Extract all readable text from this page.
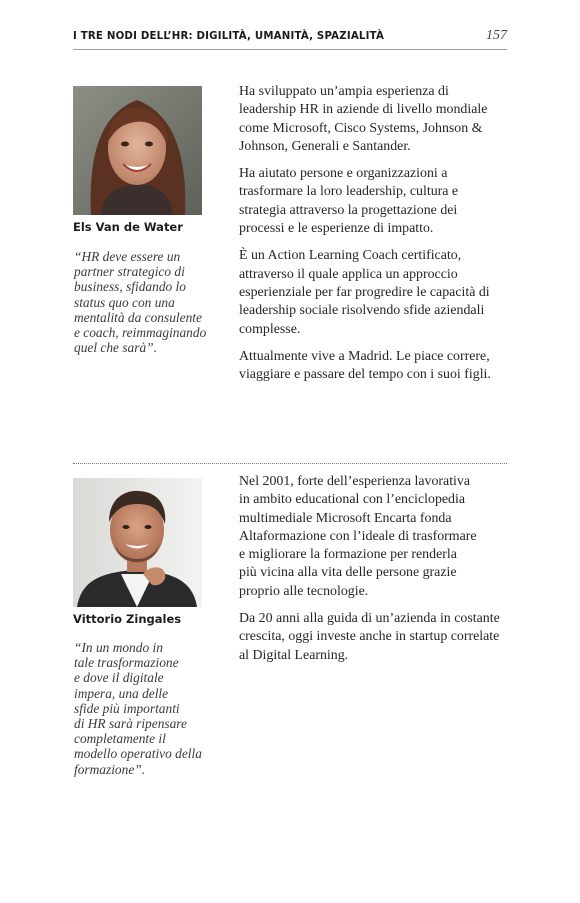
I TRE NODI DELL’HR: DIGILITÀ, UMANITÀ, SPAZIALITÀ	157
Els Van de Water

“HR deve essere un
partner strategico di
business, sfidando lo
status quo con una
mentalità da consulente
e coach, reimmaginando
quel che sarà”.

Ha sviluppato un’ampia esperienza di
leadership HR in aziende di livello mondiale
come Microsoft, Cisco Systems, Johnson &
Johnson, Generali e Santander.

Ha aiutato persone e organizzazioni a
trasformare la loro leadership, cultura e
strategia attraverso la progettazione dei
processi e le esperienze di impatto.

È un Action Learning Coach certificato,
attraverso il quale applica un approccio
esperienziale per far progredire le capacità di
leadership sociale risolvendo sfide aziendali
complesse.

Attualmente vive a Madrid. Le piace correre,
viaggiare e passare del tempo con i suoi figli.

Vittorio Zingales

“In un mondo in
tale trasformazione
e dove il digitale
impera, una delle
sfide più importanti
di HR sarà ripensare
completamente il
modello operativo della
formazione”.

Nel 2001, forte dell’esperienza lavorativa
in ambito educational con l’enciclopedia
multimediale Microsoft Encarta fonda
Altaformazione con l’ideale di trasformare
e migliorare la formazione per renderla
più vicina alla vita delle persone grazie
proprio alle tecnologie.

Da 20 anni alla guida di un’azienda in costante
crescita, oggi investe anche in startup correlate
al Digital Learning.
